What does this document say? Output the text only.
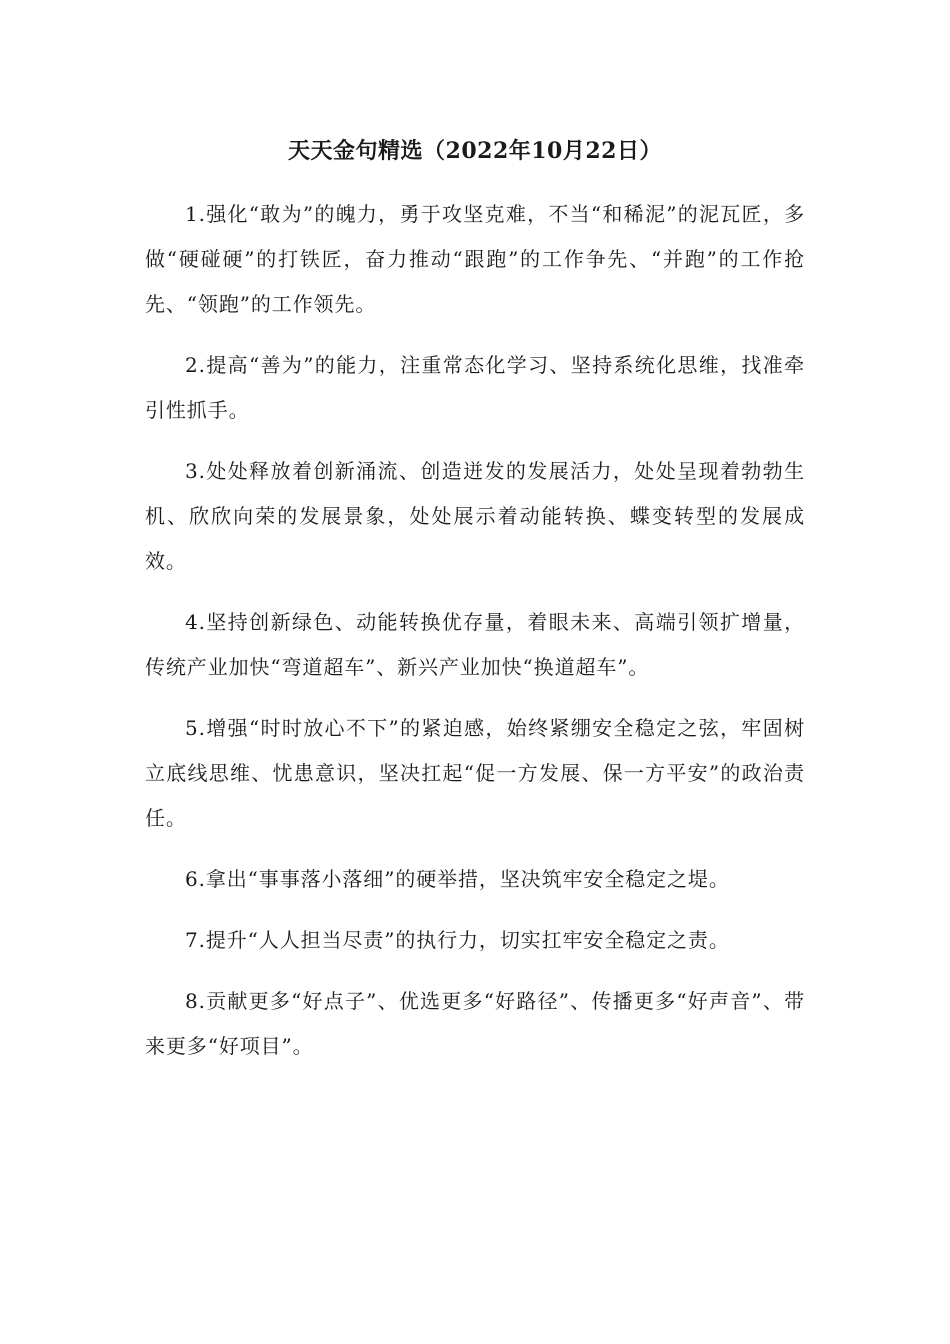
天天金句精选（2022年10月22日）

1.强化“敢为”的魄力，勇于攻坚克难，不当“和稀泥”的泥瓦匠，多做“硬碰硬”的打铁匠，奋力推动“跟跑”的工作争先、“并跑”的工作抢先、“领跑”的工作领先。

2.提高“善为”的能力，注重常态化学习、坚持系统化思维，找准牵引性抓手。

3.处处释放着创新涌流、创造迸发的发展活力，处处呈现着勃勃生机、欣欣向荣的发展景象，处处展示着动能转换、蝶变转型的发展成效。

4.坚持创新绿色、动能转换优存量，着眼未来、高端引领扩增量，传统产业加快“弯道超车”、新兴产业加快“换道超车”。

5.增强“时时放心不下”的紧迫感，始终紧绷安全稳定之弦，牢固树立底线思维、忧患意识，坚决扛起“促一方发展、保一方平安”的政治责任。

6.拿出“事事落小落细”的硬举措，坚决筑牢安全稳定之堤。

7.提升“人人担当尽责”的执行力，切实扛牢安全稳定之责。

8.贡献更多“好点子”、优选更多“好路径”、传播更多“好声音”、带来更多“好项目”。
